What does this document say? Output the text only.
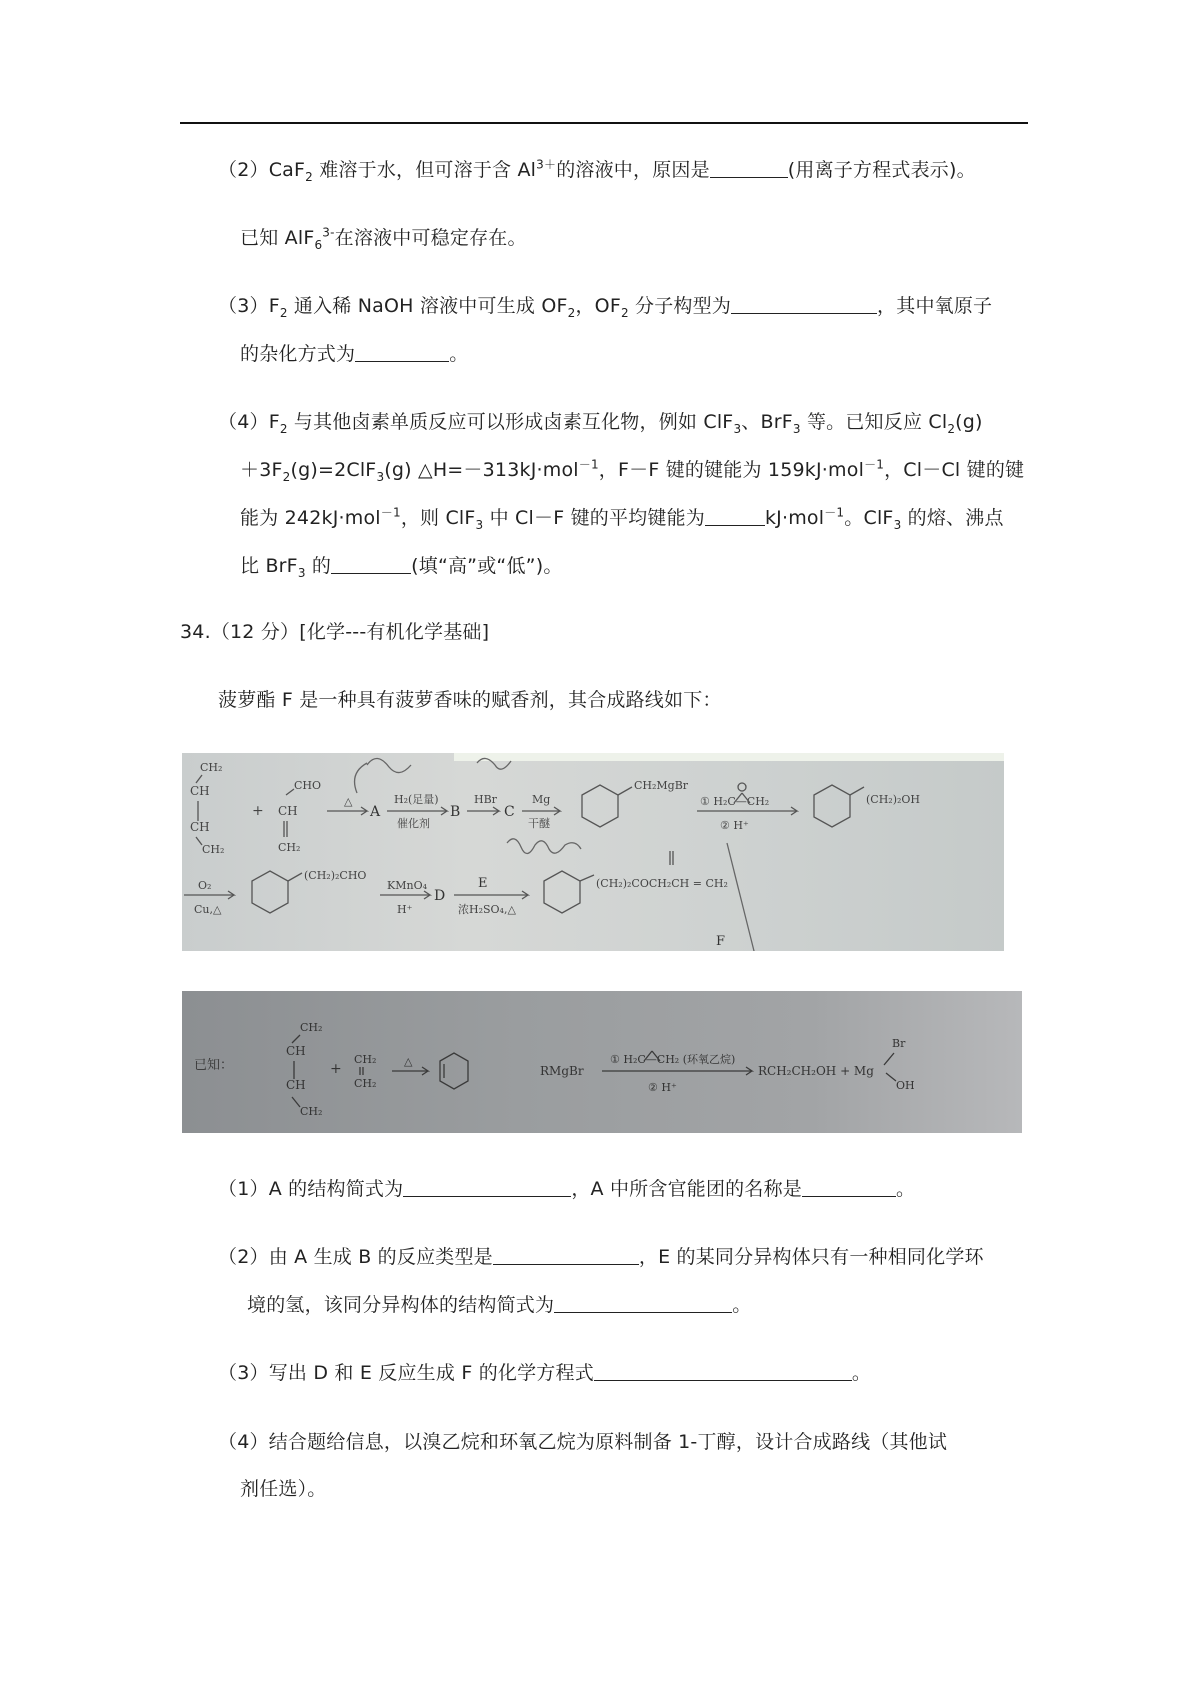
（2）CaF$_2$ 难溶于水，但可溶于含 $Al^{3+}$的溶液中，原因是	(用离子方程式表示)。
已知 AlF$_6^{3-}$在溶液中可稳定存在。
$(3)F_2$ 通入稀 NaOH 溶液中可生成 $OF_2$，$OF_2$ 分子构型为	，其中氧原子
的杂化方式为	。
$(4)F_2$ 与其他卤素单质反应可以形成卤素互化物，例如 ClF$_3$、BrF$_3$ 等。已知反应 $Cl_2(g)$
$+3F_2(g)=2ClF_3(g)$ △H=－313kJ·mol$^{-1}$，F－F 键的键能为 159kJ·mol$^{-1}$，Cl－Cl 键的键
能为 242kJ·mol$^{-1}$，则 ClF$_3$ 中 Cl－F 键的平均键能为	kJ·mol$^{-1}$。ClF$_3$ 的熔、沸点
比 BrF$_3$ 的	(填“高”或“低”)。
34.（12 分）[化学---有机化学基础]
菠萝酯 F 是一种具有菠萝香味的赋香剂，其合成路线如下：
CH₂
CH
CH
CH₂
+
CHO
CH
CH₂
△
A
H₂(足量)
催化剂
B
HBr
C
Mg
干醚
CH₂MgBr
① H₂C—CH₂
② H⁺
(CH₂)₂OH
O₂
Cu,△
(CH₂)₂CHO
KMnO₄
H⁺
D
E
浓H₂SO₄,△
(CH₂)₂COCH₂CH = CH₂
F
已知：
CH₂
CH
CH
CH₂
+
CH₂
CH₂
△
RMgBr
① H₂C—CH₂ (环氧乙烷)
② H⁺
RCH₂CH₂OH + Mg
Br
OH
（1）A 的结构简式为	，A 中所含官能团的名称是	。
（2）由 A 生成 B 的反应类型是	，E 的某同分异构体只有一种相同化学环
境的氢，该同分异构体的结构简式为	。
（3）写出 D 和 E 反应生成 F 的化学方程式	。
（4）结合题给信息，以溴乙烷和环氧乙烷为原料制备 1-丁醇，设计合成路线（其他试
剂任选）。
